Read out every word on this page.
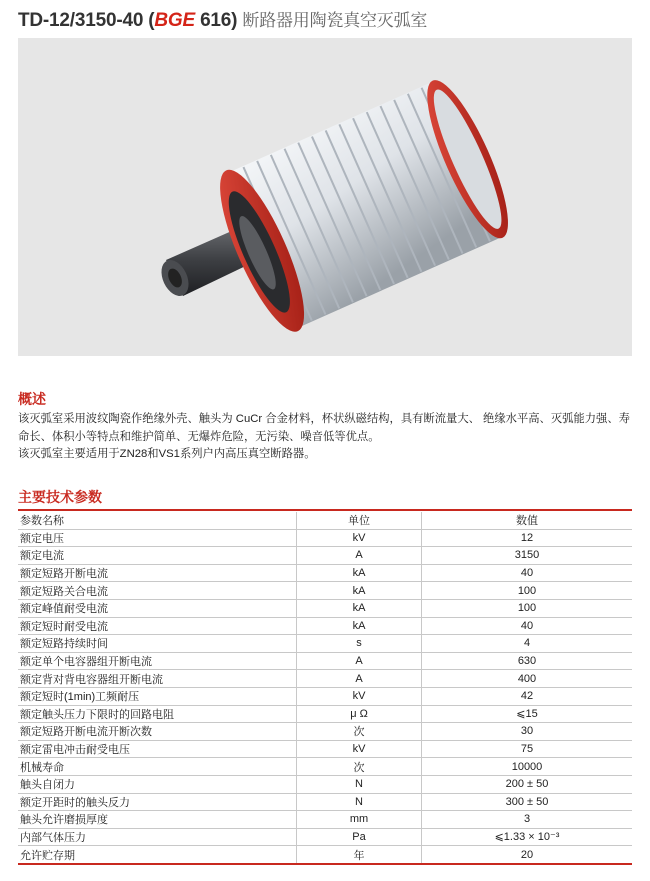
TD-12/3150-40 (BGE 616) 断路器用陶瓷真空灭弧室
概述

该灭弧室采用波纹陶瓷作绝缘外壳、触头为 CuCr 合金材料，杯状纵磁结构，具有断流量大、 绝缘水平高、灭弧能力强、寿命长、体积小等特点和维护简单、无爆炸危险，无污染、噪音低等优点。

该灭弧室主要适用于ZN28和VS1系列户内高压真空断路器。

主要技术参数
参数名称	单位	数值
额定电压	kV	12
额定电流	A	3150
额定短路开断电流	kA	40
额定短路关合电流	kA	100
额定峰值耐受电流	kA	100
额定短时耐受电流	kA	40
额定短路持续时间	s	4
额定单个电容器组开断电流	A	630
额定背对背电容器组开断电流	A	400
额定短时(1min)工频耐压	kV	42
额定触头压力下限时的回路电阻	μ Ω	⩽15
额定短路开断电流开断次数	次	30
额定雷电冲击耐受电压	kV	75
机械寿命	次	10000
触头自闭力	N	200 ± 50
额定开距时的触头反力	N	300 ± 50
触头允许磨损厚度	mm	3
内部气体压力	Pa	⩽1.33 × 10⁻³
允许贮存期	年	20
